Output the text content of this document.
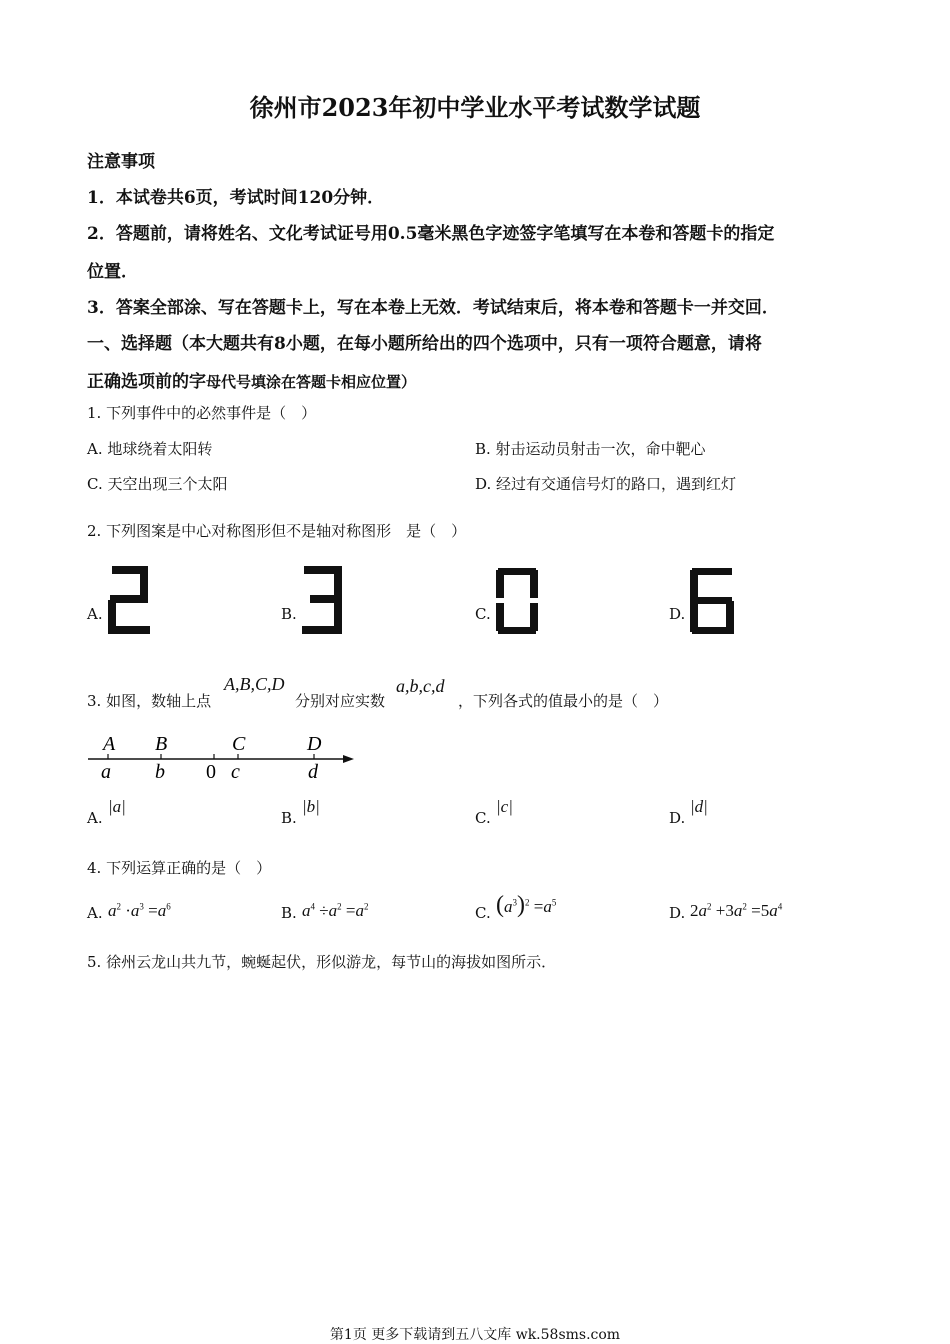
徐州市2023年初中学业水平考试数学试题
注意事项
1．本试卷共6页，考试时间120分钟．
2．答题前，请将姓名、文化考试证号用0.5毫米黑色字迹签字笔填写在本卷和答题卡的指定
位置．
3．答案全部涂、写在答题卡上，写在本卷上无效．考试结束后，将本卷和答题卡一并交回．
一、选择题（本大题共有8小题，在每小题所给出的四个选项中，只有一项符合题意，请将
正确选项前的字母代号填涂在答题卡相应位置）
1. 下列事件中的必然事件是（　）
A. 地球绕着太阳转	B. 射击运动员射击一次，命中靶心
C. 天空出现三个太阳	D. 经过有交通信号灯的路口，遇到红灯
2. 下列图案是中心对称图形但不是轴对称图形　是（　）
A.	B.	C.	D.
3. 如图，数轴上点
A,B,C,D
分别对应实数
a,b,c,d
，下列各式的值最小的是（　）
A B	C	D
a b 0 c	d
A.
|a|
B.
|b|
C.
|c|
D.
|d|
4. 下列运算正确的是（　）
A. $a^2 \cdot a^3 =a^6$	B. $a^4 \div a^2 =a^2$	C. $(a^3)^2 =a^5$
D. $2a^2 +3a^2 =5a^4$
5. 徐州云龙山共九节，蜿蜒起伏，形似游龙，每节山的海拔如图所示．
第1页 更多下载请到五八文库 wk.58sms.com
